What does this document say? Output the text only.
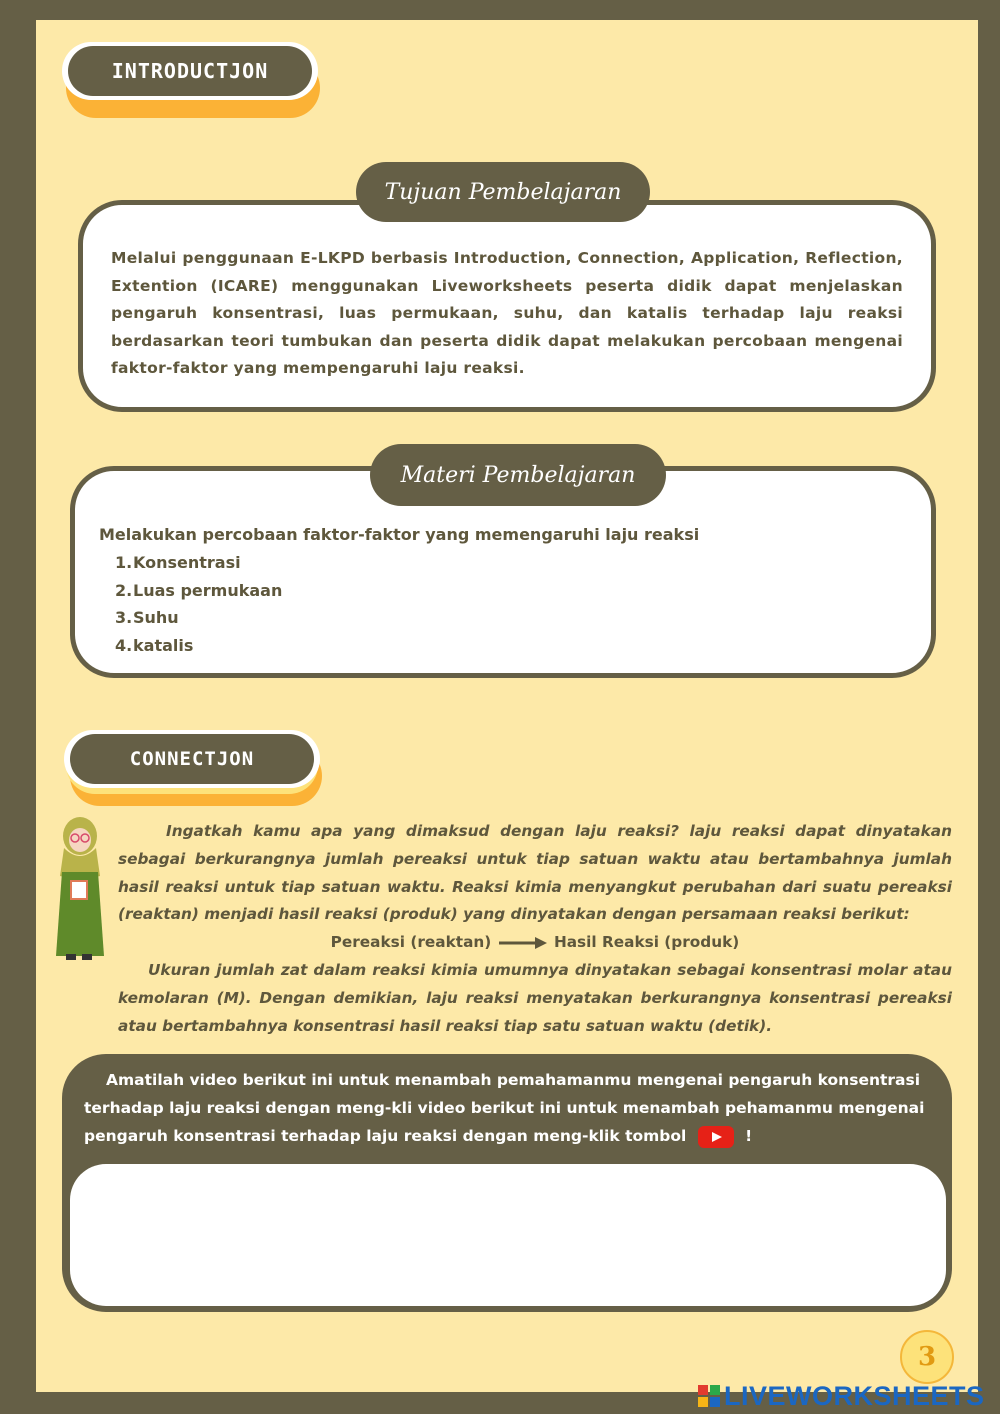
INTRODUCTJON
Melalui penggunaan E-LKPD berbasis Introduction, Connection, Application, Reflection, Extention (ICARE) menggunakan Liveworksheets peserta didik dapat menjelaskan pengaruh konsentrasi, luas permukaan, suhu, dan katalis terhadap laju reaksi berdasarkan teori tumbukan dan peserta didik dapat melakukan percobaan mengenai faktor-faktor yang mempengaruhi laju reaksi.
Tujuan Pembelajaran
Melakukan percobaan faktor-faktor yang memengaruhi laju reaksi
1.Konsentrasi
2.Luas permukaan
3.Suhu
4.katalis
Materi Pembelajaran
CONNECTJON
Ingatkah kamu apa yang dimaksud dengan laju reaksi? laju reaksi dapat dinyatakan sebagai berkurangnya jumlah pereaksi untuk tiap satuan waktu atau bertambahnya jumlah hasil reaksi untuk tiap satuan waktu. Reaksi kimia menyangkut perubahan dari suatu pereaksi (reaktan) menjadi hasil reaksi (produk) yang dinyatakan dengan persamaan reaksi berikut:
Pereaksi (reaktan)	Hasil Reaksi (produk)
Ukuran jumlah zat dalam reaksi kimia umumnya dinyatakan sebagai konsentrasi molar atau kemolaran (M). Dengan demikian, laju reaksi menyatakan berkurangnya konsentrasi pereaksi atau bertambahnya konsentrasi hasil reaksi tiap satu satuan waktu (detik).
Amatilah video berikut ini untuk menambah pemahamanmu mengenai pengaruh konsentrasi terhadap laju reaksi dengan meng-kli video berikut ini untuk menambah pehamanmu mengenai pengaruh konsentrasi terhadap laju reaksi dengan meng-klik tombol	!
3
LIVEWORKSHEETS
